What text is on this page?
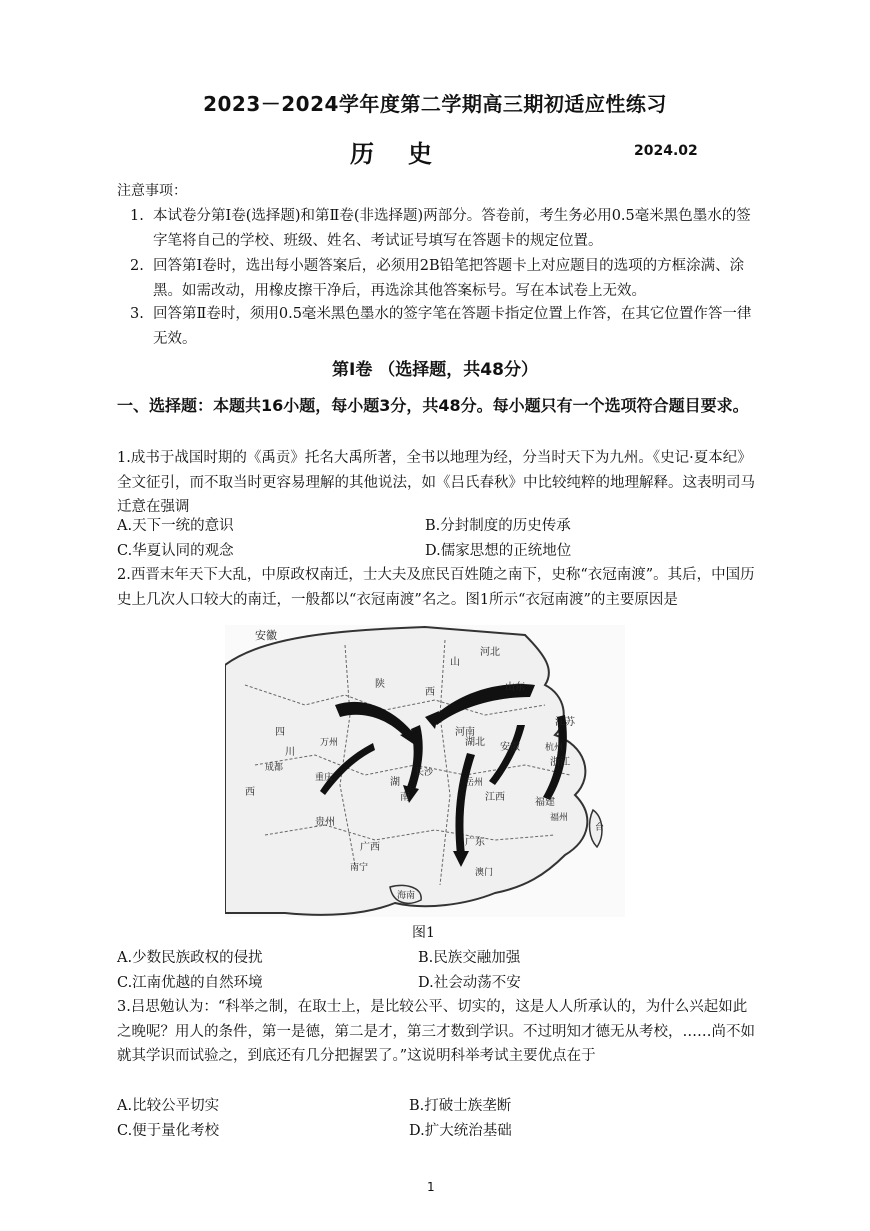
2023－2024学年度第二学期高三期初适应性练习
历史	2024.02
注意事项：
1. 本试卷分第Ⅰ卷(选择题)和第Ⅱ卷(非选择题)两部分。答卷前，考生务必用0.5毫米黑色墨水的签字笔将自己的学校、班级、姓名、考试证号填写在答题卡的规定位置。
2. 回答第Ⅰ卷时，选出每小题答案后，必须用2B铅笔把答题卡上对应题目的选项的方框涂满、涂黑。如需改动，用橡皮擦干净后，再选涂其他答案标号。写在本试卷上无效。
3. 回答第Ⅱ卷时，须用0.5毫米黑色墨水的签字笔在答题卡指定位置上作答，在其它位置作答一律无效。
第Ⅰ卷 （选择题，共48分）
一、选择题：本题共16小题，每小题3分，共48分。每小题只有一个选项符合题目要求。
1.成书于战国时期的《禹贡》托名大禹所著，全书以地理为经，分当时天下为九州。《史记·夏本纪》全文征引，而不取当时更容易理解的其他说法，如《吕氏春秋》中比较纯粹的地理解释。这表明司马迁意在强调
A.天下一统的意识	B.分封制度的历史传承
C.华夏认同的观念	D.儒家思想的正统地位
2.西晋末年天下大乱，中原政权南迁，士大夫及庶民百姓随之南下，史称“衣冠南渡”。其后，中国历史上几次人口较大的南迁，一般都以“衣冠南渡”名之。图1所示“衣冠南渡”的主要原因是
安徽
山
河北
陕
西	山东
河南
湖北
江苏
安徽
四
川
西
成都
重庆
万州
湖
南
浙江
杭州
长沙
岳州
江西	福建
贵州
广西	广东
福州
澳门
南宁
台
海南
图1
A.少数民族政权的侵扰	B.民族交融加强
C.江南优越的自然环境	D.社会动荡不安
3.吕思勉认为：“科举之制，在取士上，是比较公平、切实的，这是人人所承认的，为什么兴起如此之晚呢？用人的条件，第一是德，第二是才，第三才数到学识。不过明知才德无从考校，……尚不如就其学识而试验之，到底还有几分把握罢了。”这说明科举考试主要优点在于
A.比较公平切实	B.打破士族垄断
C.便于量化考校	D.扩大统治基础
1
